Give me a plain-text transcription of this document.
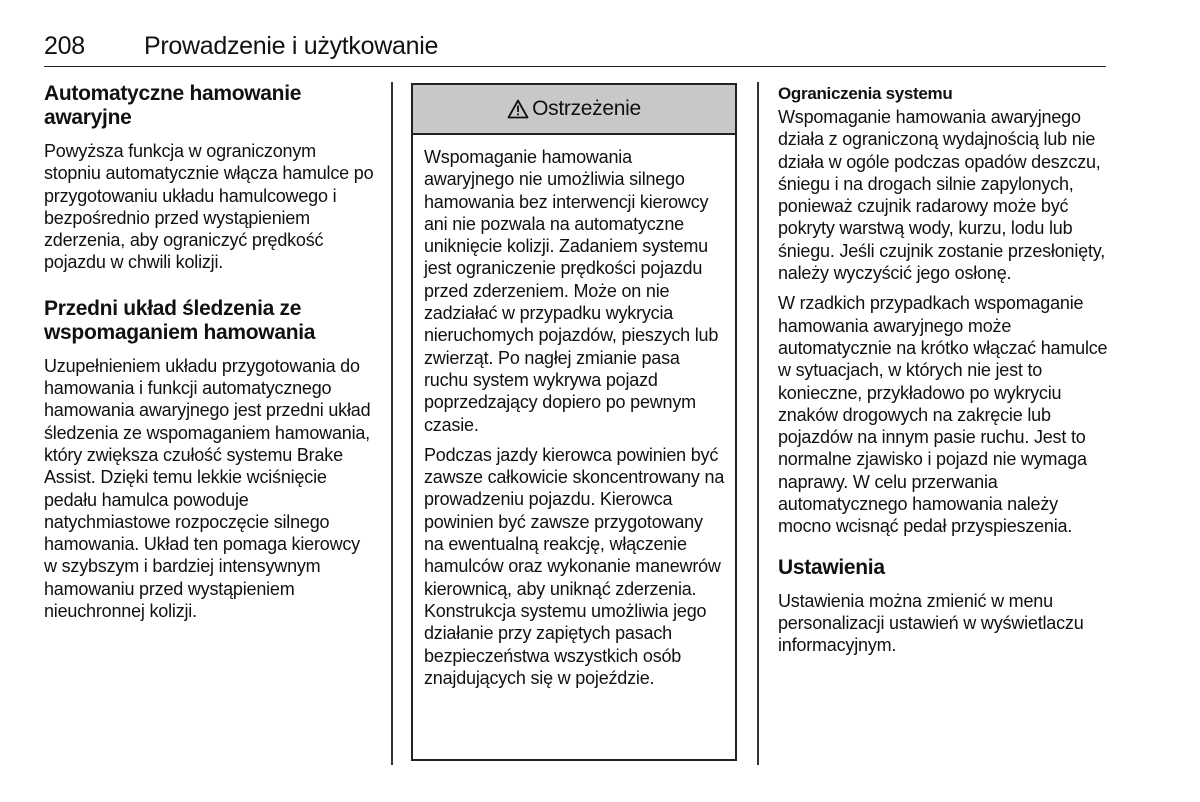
208 Prowadzenie i użytkowanie
Automatyczne hamowanie awaryjne

Powyższa funkcja w ograniczonym stopniu automatycznie włącza hamulce po przygotowaniu układu hamulcowego i bezpośrednio przed wystąpieniem zderzenia, aby ograniczyć prędkość pojazdu w chwili kolizji.

Przedni układ śledzenia ze wspomaganiem hamowania

Uzupełnieniem układu przygotowania do hamowania i funkcji automatycznego hamowania awaryjnego jest przedni układ śledzenia ze wspomaganiem hamowania, który zwiększa czułość systemu Brake Assist. Dzięki temu lekkie wciśnięcie pedału hamulca powoduje natychmiastowe rozpoczęcie silnego hamowania. Układ ten pomaga kierowcy w szybszym i bardziej intensywnym hamowaniu przed wystąpieniem nieuchronnej kolizji.

Ostrzeżenie

Wspomaganie hamowania awaryjnego nie umożliwia silnego hamowania bez interwencji kierowcy ani nie pozwala na automatyczne uniknięcie kolizji. Zadaniem systemu jest ograniczenie prędkości pojazdu przed zderzeniem. Może on nie zadziałać w przypadku wykrycia nieruchomych pojazdów, pieszych lub zwierząt. Po nagłej zmianie pasa ruchu system wykrywa pojazd poprzedzający dopiero po pewnym czasie.

Podczas jazdy kierowca powinien być zawsze całkowicie skoncentrowany na prowadzeniu pojazdu. Kierowca powinien być zawsze przygotowany na ewentualną reakcję, włączenie hamulców oraz wykonanie manewrów kierownicą, aby uniknąć zderzenia. Konstrukcja systemu umożliwia jego działanie przy zapiętych pasach bezpieczeństwa wszystkich osób znajdujących się w pojeździe.

Ograniczenia systemu

Wspomaganie hamowania awaryjnego działa z ograniczoną wydajnością lub nie działa w ogóle podczas opadów deszczu, śniegu i na drogach silnie zapylonych, ponieważ czujnik radarowy może być pokryty warstwą wody, kurzu, lodu lub śniegu. Jeśli czujnik zostanie przesłonięty, należy wyczyścić jego osłonę.

W rzadkich przypadkach wspomaganie hamowania awaryjnego może automatycznie na krótko włączać hamulce w sytuacjach, w których nie jest to konieczne, przykładowo po wykryciu znaków drogowych na zakręcie lub pojazdów na innym pasie ruchu. Jest to normalne zjawisko i pojazd nie wymaga naprawy. W celu przerwania automatycznego hamowania należy mocno wcisnąć pedał przyspieszenia.

Ustawienia

Ustawienia można zmienić w menu personalizacji ustawień w wyświetlaczu informacyjnym.
